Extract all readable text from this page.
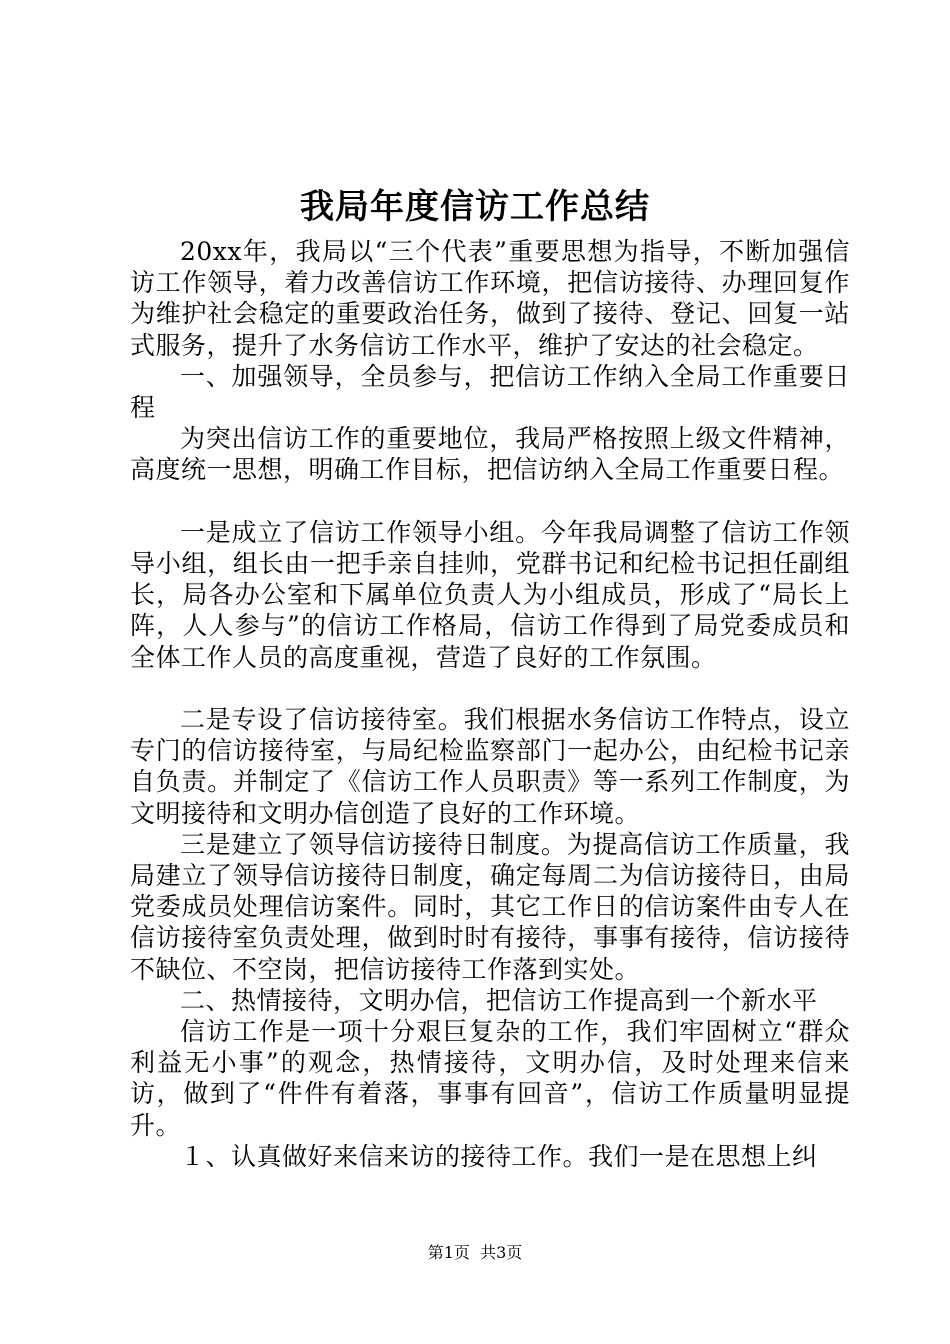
我局年度信访工作总结

20xx年，我局以“三个代表”重要思想为指导，不断加强信访工作领导，着力改善信访工作环境，把信访接待、办理回复作为维护社会稳定的重要政治任务，做到了接待、登记、回复一站式服务，提升了水务信访工作水平，维护了安达的社会稳定。

一、加强领导，全员参与，把信访工作纳入全局工作重要日程

为突出信访工作的重要地位，我局严格按照上级文件精神，高度统一思想，明确工作目标，把信访纳入全局工作重要日程。

一是成立了信访工作领导小组。今年我局调整了信访工作领导小组，组长由一把手亲自挂帅，党群书记和纪检书记担任副组长，局各办公室和下属单位负责人为小组成员，形成了“局长上阵，人人参与”的信访工作格局，信访工作得到了局党委成员和全体工作人员的高度重视，营造了良好的工作氛围。

二是专设了信访接待室。我们根据水务信访工作特点，设立专门的信访接待室，与局纪检监察部门一起办公，由纪检书记亲自负责。并制定了《信访工作人员职责》等一系列工作制度，为文明接待和文明办信创造了良好的工作环境。

三是建立了领导信访接待日制度。为提高信访工作质量，我局建立了领导信访接待日制度，确定每周二为信访接待日，由局党委成员处理信访案件。同时，其它工作日的信访案件由专人在信访接待室负责处理，做到时时有接待，事事有接待，信访接待不缺位、不空岗，把信访接待工作落到实处。

二、热情接待，文明办信，把信访工作提高到一个新水平

信访工作是一项十分艰巨复杂的工作，我们牢固树立“群众利益无小事”的观念，热情接待，文明办信，及时处理来信来访，做到了“件件有着落，事事有回音”，信访工作质量明显提升。

１、认真做好来信来访的接待工作。我们一是在思想上纠

第1页 共3页
